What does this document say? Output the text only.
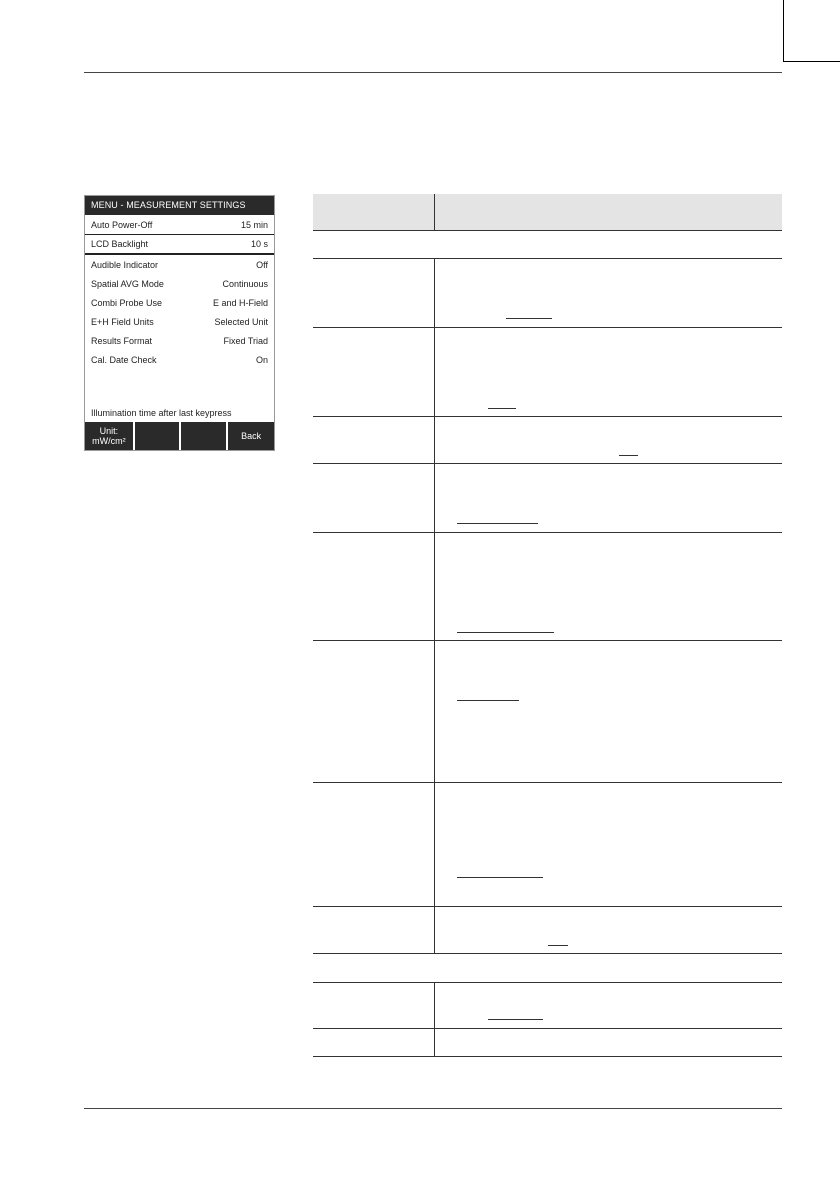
MENU - MEASUREMENT SETTINGS
Auto Power-Off	15 min
LCD Backlight	10 s
Audible Indicator	Off
Spatial AVG Mode	Continuous
Combi Probe Use	E and H-Field
E+H Field Units	Selected Unit
Results Format	Fixed Triad
Cal. Date Check	On
Illumination time after last keypress
Unit:
mW/cm²	Back
